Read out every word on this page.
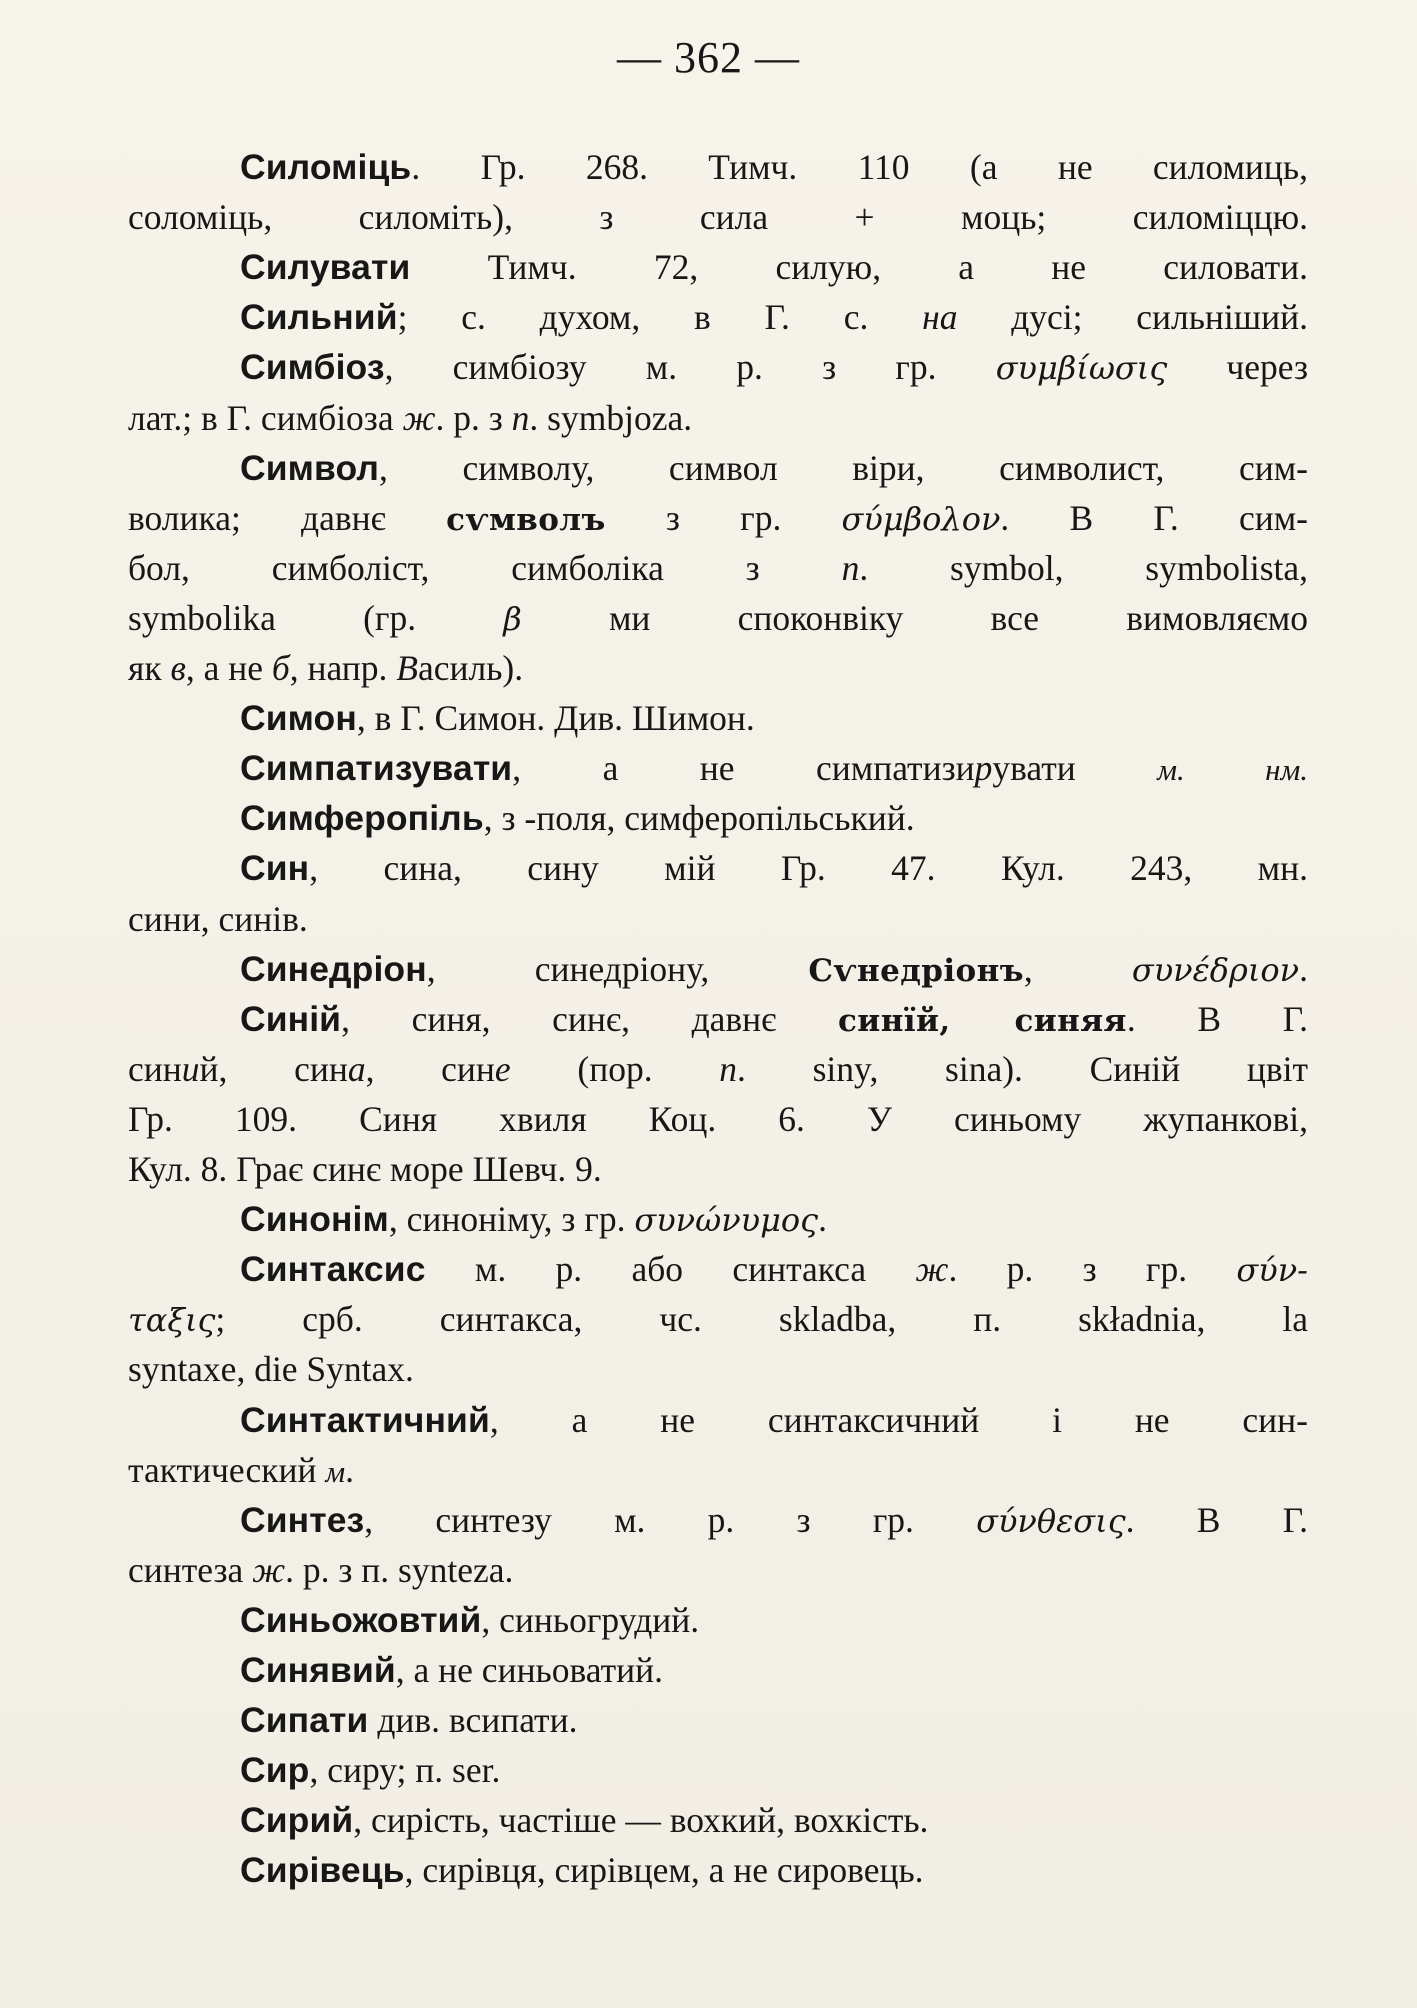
— 362 —
Силоміць. Гр. 268. Тимч. 110 (а не силомиць,
соломіць, силоміть), з сила + моць; силоміццю.
Силувати Тимч. 72, силую, а не силовати.
Сильний; с. духом, в Г. с. на дусі; сильніший.
Симбіоз, симбіозу м. р. з гр. συμβίωσις через
лат.; в Г. симбіоза ж. р. з п. symbjoza.
Символ, символу, символ віри, символист, сим-
волика; давнє сѵмволъ з гр. σύμβολον. В Г. сим-
бол, симболіст, симболіка з п. symbol, symbolista,
symbolika (гр. β ми споконвіку все вимовляємо
як в, а не б, напр. Василь).
Симон, в Г. Симон. Див. Шимон.
Симпатизувати, а не симпатизирувати м. нм.
Симферопіль, з -поля, симферопільський.
Син, сина, сину мій Гр. 47. Кул. 243, мн.
сини, синів.
Синедріон, синедріону, Сѵнедріонъ, συνέδριον.
Синій, синя, синє, давнє синїй, синяя. В Г.
синий, сина, сине (пор. п. siny, sina). Синій цвіт
Гр. 109. Синя хвиля Коц. 6. У синьому жупанкові,
Кул. 8. Грає синє море Шевч. 9.
Синонім, синоніму, з гр. συνώνυμος.
Синтаксис м. р. або синтакса ж. р. з гр. σύν-
ταξις; срб. синтакса, чс. skladba, п. składnia, la
syntaxe, die Syntax.
Синтактичний, а не синтаксичний і не син-
тактический м.
Синтез, синтезу м. р. з гр. σύνθεσις. В Г.
синтеза ж. р. з п. synteza.
Синьожовтий, синьогрудий.
Синявий, а не синьоватий.
Сипати див. всипати.
Сир, сиру; п. ser.
Сирий, сирість, частіше — вохкий, вохкість.
Сирівець, сирівця, сирівцем, а не сировець.
